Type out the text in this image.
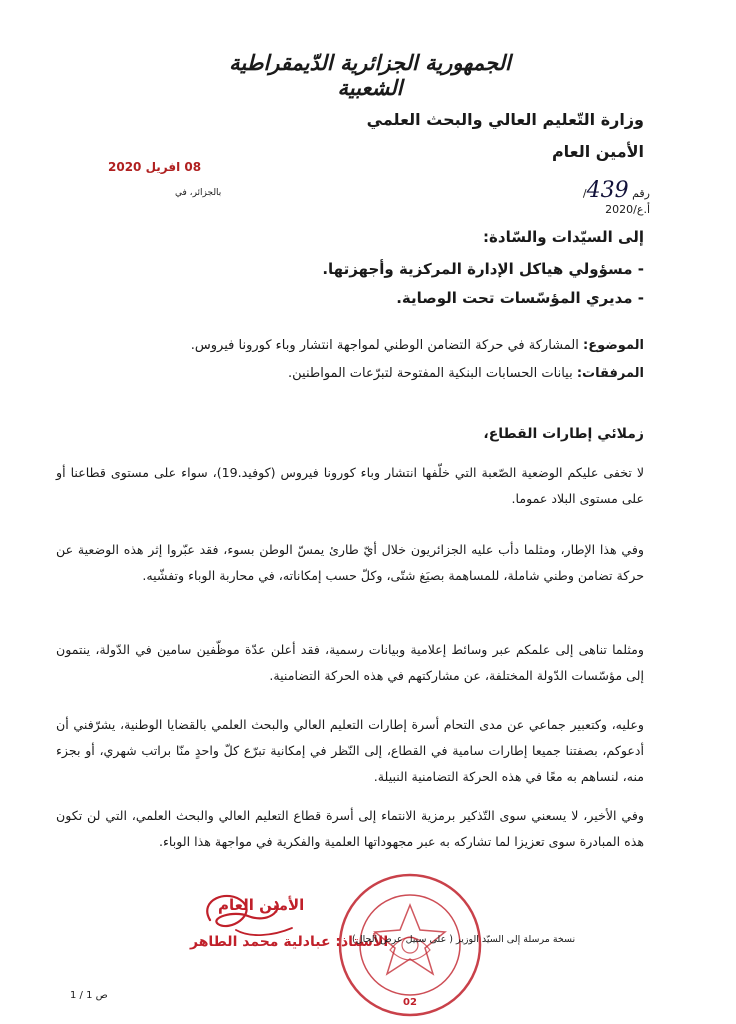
الجمهورية الجزائرية الدّيمقراطية الشعبية
وزارة التّعليم العالي والبحث العلمي
الأمين العام
08 افريل 2020
بالجزائر، في	رقم 439/أ.ع/2020
إلى السيّدات والسّادة:
- مسؤولي هياكل الإدارة المركزية وأجهزتها.
- مديري المؤسّسات تحت الوصاية.
الموضوع: المشاركة في حركة التضامن الوطني لمواجهة انتشار وباء كورونا فيروس.
المرفقات: بيانات الحسابات البنكية المفتوحة لتبرّعات المواطنين.
زملائي إطارات القطاع،
لا تخفى عليكم الوضعية الصّعبة التي خلّفها انتشار وباء كورونا فيروس (كوفيد.19)، سواء على مستوى قطاعنا أو على مستوى البلاد عموما.
وفي هذا الإطار، ومثلما دأب عليه الجزائريون خلال أيّ طارئ يمسّ الوطن بسوء، فقد عبّروا إثر هذه الوضعية عن حركة تضامن وطني شاملة، للمساهمة بصيَغ شتّى، وكلّ حسب إمكاناته، في محاربة الوباء وتفشّيه.
ومثلما تناهى إلى علمكم عبر وسائط إعلامية وبيانات رسمية، فقد أعلن عدّة موظّفين سامين في الدّولة، ينتمون إلى مؤسّسات الدّولة المختلفة، عن مشاركتهم في هذه الحركة التضامنية.
وعليه، وكتعبير جماعي عن مدى التحام أسرة إطارات التعليم العالي والبحث العلمي بالقضايا الوطنية، يشرّفني أن أدعوكم، بصفتنا جميعا إطارات سامية في القطاع، إلى النّظر في إمكانية تبرّع كلّ واحدٍ منّا براتب شهري، أو بجزء منه، لنساهم به معًا في هذه الحركة التضامنية النبيلة.
وفي الأخير، لا يسعني سوى التّذكير برمزية الانتماء إلى أسرة قطاع التعليم العالي والبحث العلمي، التي لن تكون هذه المبادرة سوى تعزيزا لما تشاركه به عبر مجهوداتها العلمية والفكرية في مواجهة هذا الوباء.
02
الأمين العام
الأستاذ: عبادلية محمد الطاهر
نسخة مرسلة إلى السيّد الوزير ( على سبيل عرض الحال)
ص 1 / 1
